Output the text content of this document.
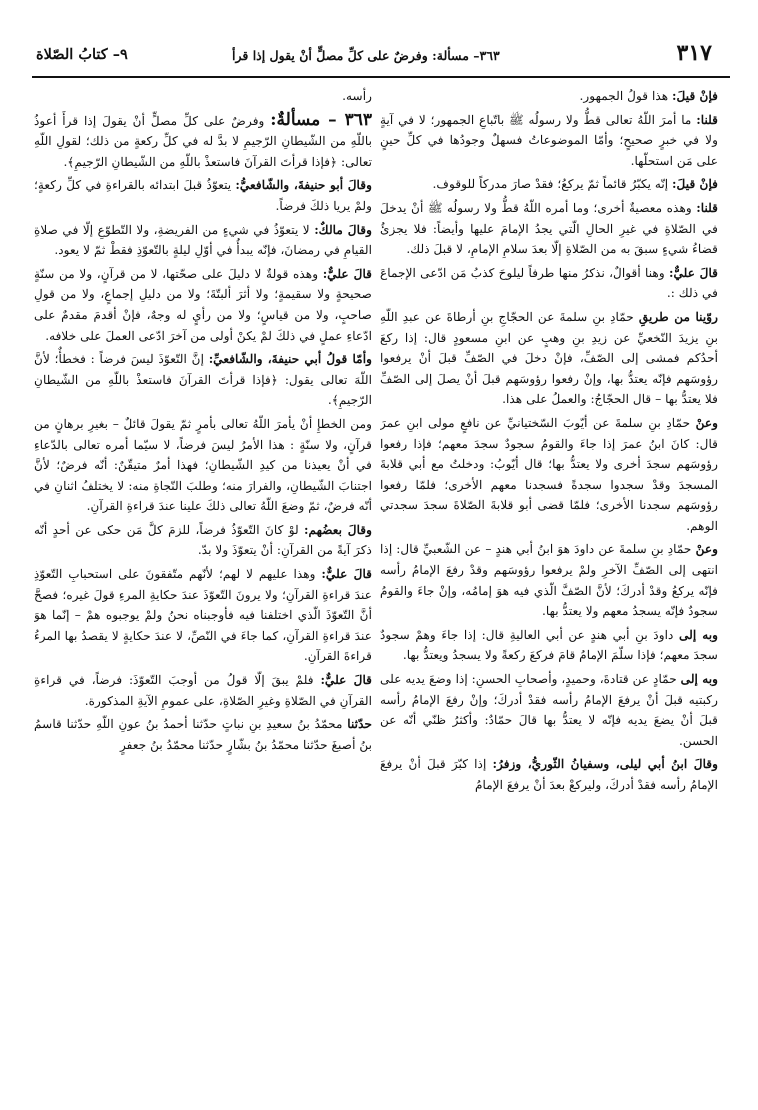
٣١٧
٣٦٣– مسألة: وفرضٌ على كلِّ مصلٍّ أنْ يقول إذا قرأ
٩– كتابُ الصّلاة

فإنْ قيلَ: هذا قولُ الجمهور.

قلنا: ما أمرَ اللّهُ تعالى قطُّ ولا رسولُه ﷺ باتّباعِ الجمهور؛ لا في آيةٍ ولا في خبرٍ صحيحٍ؛ وأمّا الموضوعاتُ فسهلٌ وجودُها في كلِّ حينٍ على مَن استحلّها.

فإنْ قيلَ: إنّه يكبّرُ قائماً ثمّ يركعُ؛ فقدْ صارَ مدركاً للوقوف.

قلنا: وهذه معصيةٌ أخرى؛ وما أمره اللّهُ قطُّ ولا رسولُه ﷺ أنْ يدخلَ في الصّلاةِ في غيرِ الحالِ الّتي يجدُ الإمامَ عليها وأيضاً: فلا يجزئُ قضاءُ شيءٍ سبقَ به من الصّلاةِ إلّا بعدَ سلامِ الإمامِ، لا قبلَ ذلك.

قالَ عليٌّ: وهنا أقوالٌ، نذكرُ منها طرفاً ليلوحَ كذبُ مَن ادّعى الإجماعَ في ذلك :.

روّينا من طريقِ حمّادِ بنِ سلمةَ عن الحجّاجِ بنِ أرطاةَ عن عبدِ اللّهِ بنِ يزيدَ النّخعيِّ عن زيدِ بنِ وهبٍ عن ابنِ مسعودٍ قال: إذا ركعَ أحدُكم فمشى إلى الصّفِّ، فإنْ دخلَ في الصّفِّ قبلَ أنْ يرفعوا رؤوسَهم فإنّه يعتدُّ بها، وإنْ رفعوا رؤوسَهم قبلَ أنْ يصلَ إلى الصّفِّ فلا يعتدُّ بها – قال الحجّاجُ: والعملُ على هذا.

وعنْ حمّادِ بنِ سلمةَ عن أيّوبَ السّختيانيِّ عن نافعٍ مولى ابنِ عمرَ قال: كانَ ابنُ عمرَ إذا جاءَ والقومُ سجودٌ سجدَ معهم؛ فإذا رفعوا رؤوسَهم سجدَ أخرى ولا يعتدُّ بها؛ قال أيّوبُ: ودخلتُ مع أبي قلابةَ المسجدَ وقدْ سجدوا سجدةً فسجدنا معهم الأخرى؛ فلمّا رفعوا رؤوسَهم سجدنا الأخرى؛ فلمّا قضى أبو قلابةَ الصّلاةَ سجدَ سجدتي الوهم.

وعنْ حمّادِ بنِ سلمةَ عن داودَ هوَ ابنُ أبي هندٍ – عن الشّعبيِّ قال: إذا انتهى إلى الصّفِّ الآخرِ ولمْ يرفعوا رؤوسَهم وقدْ رفعَ الإمامُ رأسه فإنّه يركعُ وقدْ أدركَ؛ لأنَّ الصّفَّ الّذي فيه هوَ إمامُه، وإنْ جاءَ والقومُ سجودٌ فإنّه يسجدُ معهم ولا يعتدُّ بها.

وبه إلى داودَ بنِ أبي هندٍ عن أبي العاليةِ قال: إذا جاءَ وهمْ سجودٌ سجدَ معهم؛ فإذا سلّمَ الإمامُ قامَ فركعَ ركعةً ولا يسجدُ ويعتدُّ بها.

وبه إلى حمّادٍ عن قتادةَ، وحميدٍ، وأصحابِ الحسنِ: إذا وضعَ يديه على ركبتيه قبلَ أنْ يرفعَ الإمامُ رأسه فقدْ أدركَ؛ وإنْ رفعَ الإمامُ رأسه قبلَ أنْ يضعَ يديه فإنّه لا يعتدُّ بها قالَ حمّادٌ: وأكثرُ ظنّي أنّه عن الحسن.

وقالَ ابنُ أبي ليلى، وسفيانُ الثّوريُّ، وزفرُ: إذا كبّرَ قبلَ أنْ يرفعَ الإمامُ رأسه فقدْ أدركَ، وليركعْ بعدَ أنْ يرفعَ الإمامُ

رأسه.

٣٦٣ – مسألةٌ: وفرضٌ على كلِّ مصلٍّ أنْ يقولَ إذا قرأَ أعوذُ باللّهِ من الشّيطانِ الرّجيمِ لا بدَّ له في كلِّ ركعةٍ من ذلك؛ لقولِ اللّهِ تعالى: ﴿فإذا قرأتَ القرآنَ فاستعذْ باللّهِ من الشّيطانِ الرّجيمِ﴾.

وقالَ أبو حنيفةَ، والشّافعيُّ: يتعوّذُ قبلَ ابتدائه بالقراءةِ في كلِّ ركعةٍ؛ ولمْ يريا ذلكَ فرضاً.

وقالَ مالكٌ: لا يتعوّذُ في شيءٍ من الفريضةِ، ولا التّطوّعِ إلّا في صلاةِ القيامِ في رمضانَ، فإنّه يبدأُ في أوّلِ ليلةٍ بالتّعوّذِ فقطْ ثمّ لا يعود.

قالَ عليٌّ: وهذه قولةٌ لا دليلَ على صحّتها، لا من قرآنٍ، ولا من سنّةٍ صحيحةٍ ولا سقيمةٍ؛ ولا أثرَ ألبتّةَ؛ ولا من دليلِ إجماعٍ، ولا من قولِ صاحبٍ، ولا من قياسٍ؛ ولا من رأيٍ له وجهٌ، فإنْ أقدمَ مقدمٌ على ادّعاءِ عملٍ في ذلكَ لمْ يكنْ أولى من آخرَ ادّعى العملَ على خلافه.

وأمّا قولُ أبي حنيفةَ، والشّافعيِّ: إنَّ التّعوّذَ ليسَ فرضاً : فخطأٌ؛ لأنَّ اللّهَ تعالى يقول: ﴿فإذا قرأتَ القرآنَ فاستعذْ باللّهِ من الشّيطانِ الرّجيمِ﴾.

ومن الخطإِ أنْ يأمرَ اللّهُ تعالى بأمرٍ ثمّ يقولَ قائلٌ – بغيرِ برهانٍ من قرآنٍ، ولا سنّةٍ : هذا الأمرُ ليسَ فرضاً، لا سيّما أمره تعالى بالدّعاءِ في أنْ يعيذنا من كيدِ الشّيطانِ؛ فهذا أمرٌ متيقّنٌ: أنّه فرضٌ؛ لأنَّ اجتنابَ الشّيطانِ، والفرارَ منه؛ وطلبَ النّجاةِ منه: لا يختلفُ اثنانِ في أنّه فرضٌ، ثمّ وضعَ اللّهُ تعالى ذلكَ علينا عندَ قراءةِ القرآنِ.

وقالَ بعضُهم: لوْ كانَ التّعوّذُ فرضاً، للزمَ كلَّ مَن حكى عن أحدٍ أنّه ذكرَ آيةً من القرآنِ: أنْ يتعوّذَ ولا بدّ.

قالَ عليٌّ: وهذا عليهم لا لهم؛ لأنّهم متّفقونَ على استحبابِ التّعوّذِ عندَ قراءةِ القرآنِ؛ ولا يرونَ التّعوّذَ عندَ حكايةِ المرءِ قولَ غيره؛ فصحَّ أنَّ التّعوّذَ الّذي اختلفنا فيه فأوجبناه نحنُ ولمْ يوجبوه همْ – إنّما هوَ عندَ قراءةِ القرآنِ، كما جاءَ في النّصِّ، لا عندَ حكايةٍ لا يقصدُ بها المرءُ قراءةَ القرآنِ.

قالَ عليٌّ: فلمْ يبقَ إلّا قولُ من أوجبَ التّعوّذَ: فرضاً، في قراءةِ القرآنِ في الصّلاةِ وغيرِ الصّلاةِ، على عمومِ الآيةِ المذكورة.

حدّثنا محمّدُ بنُ سعيدِ بنِ نباتٍ حدّثنا أحمدُ بنُ عونِ اللّهِ حدّثنا قاسمُ بنُ أصبغَ حدّثنا محمّدُ بنُ بشّارٍ حدّثنا محمّدُ بنُ جعفرٍ
